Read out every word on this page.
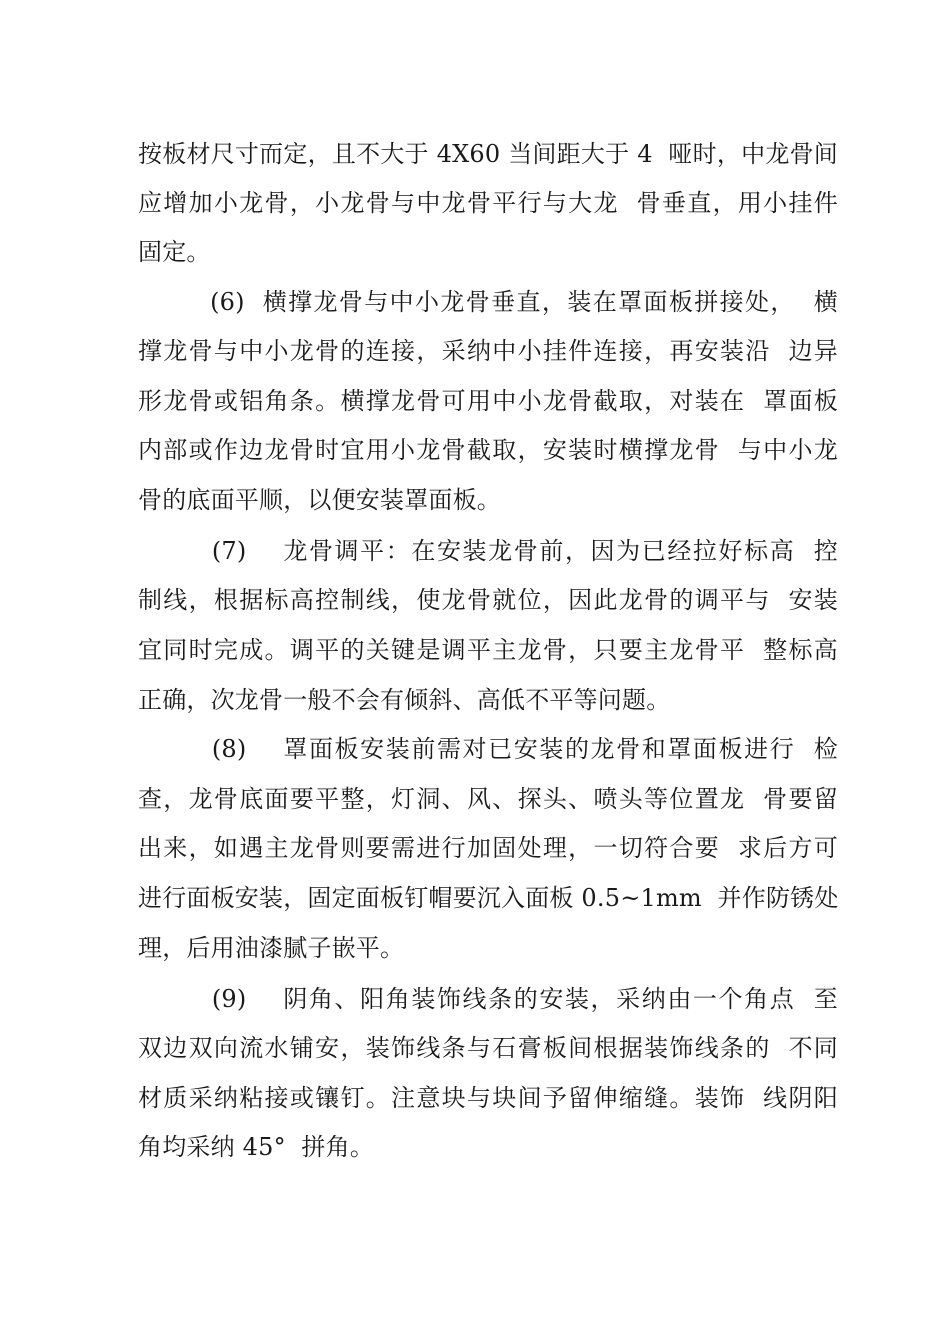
按板材尺寸而定，且不大于 4X60 当间距大于 4  哑时，中龙骨间
应增加小龙骨，小龙骨与中龙骨平行与大龙  骨垂直，用小挂件
固定。
(6)  横撑龙骨与中小龙骨垂直，装在罩面板拼接处，  横
撑龙骨与中小龙骨的连接，采纳中小挂件连接，再安装沿  边异
形龙骨或铝角条。横撑龙骨可用中小龙骨截取，对装在  罩面板
内部或作边龙骨时宜用小龙骨截取，安装时横撑龙骨  与中小龙
骨的底面平顺，以便安装罩面板。
(7)    龙骨调平：在安装龙骨前，因为已经拉好标高  控
制线，根据标高控制线，使龙骨就位，因此龙骨的调平与  安装
宜同时完成。调平的关键是调平主龙骨，只要主龙骨平  整标高
正确，次龙骨一般不会有倾斜、高低不平等问题。
(8)    罩面板安装前需对已安装的龙骨和罩面板进行  检
查，龙骨底面要平整，灯洞、风、探头、喷头等位置龙  骨要留
出来，如遇主龙骨则要需进行加固处理，一切符合要  求后方可
进行面板安装，固定面板钉帽要沉入面板 0.5~1mm  并作防锈处
理，后用油漆腻子嵌平。
(9)    阴角、阳角装饰线条的安装，采纳由一个角点  至
双边双向流水铺安，装饰线条与石膏板间根据装饰线条的  不同
材质采纳粘接或镶钉。注意块与块间予留伸缩缝。装饰  线阴阳
角均采纳 45°  拼角。
